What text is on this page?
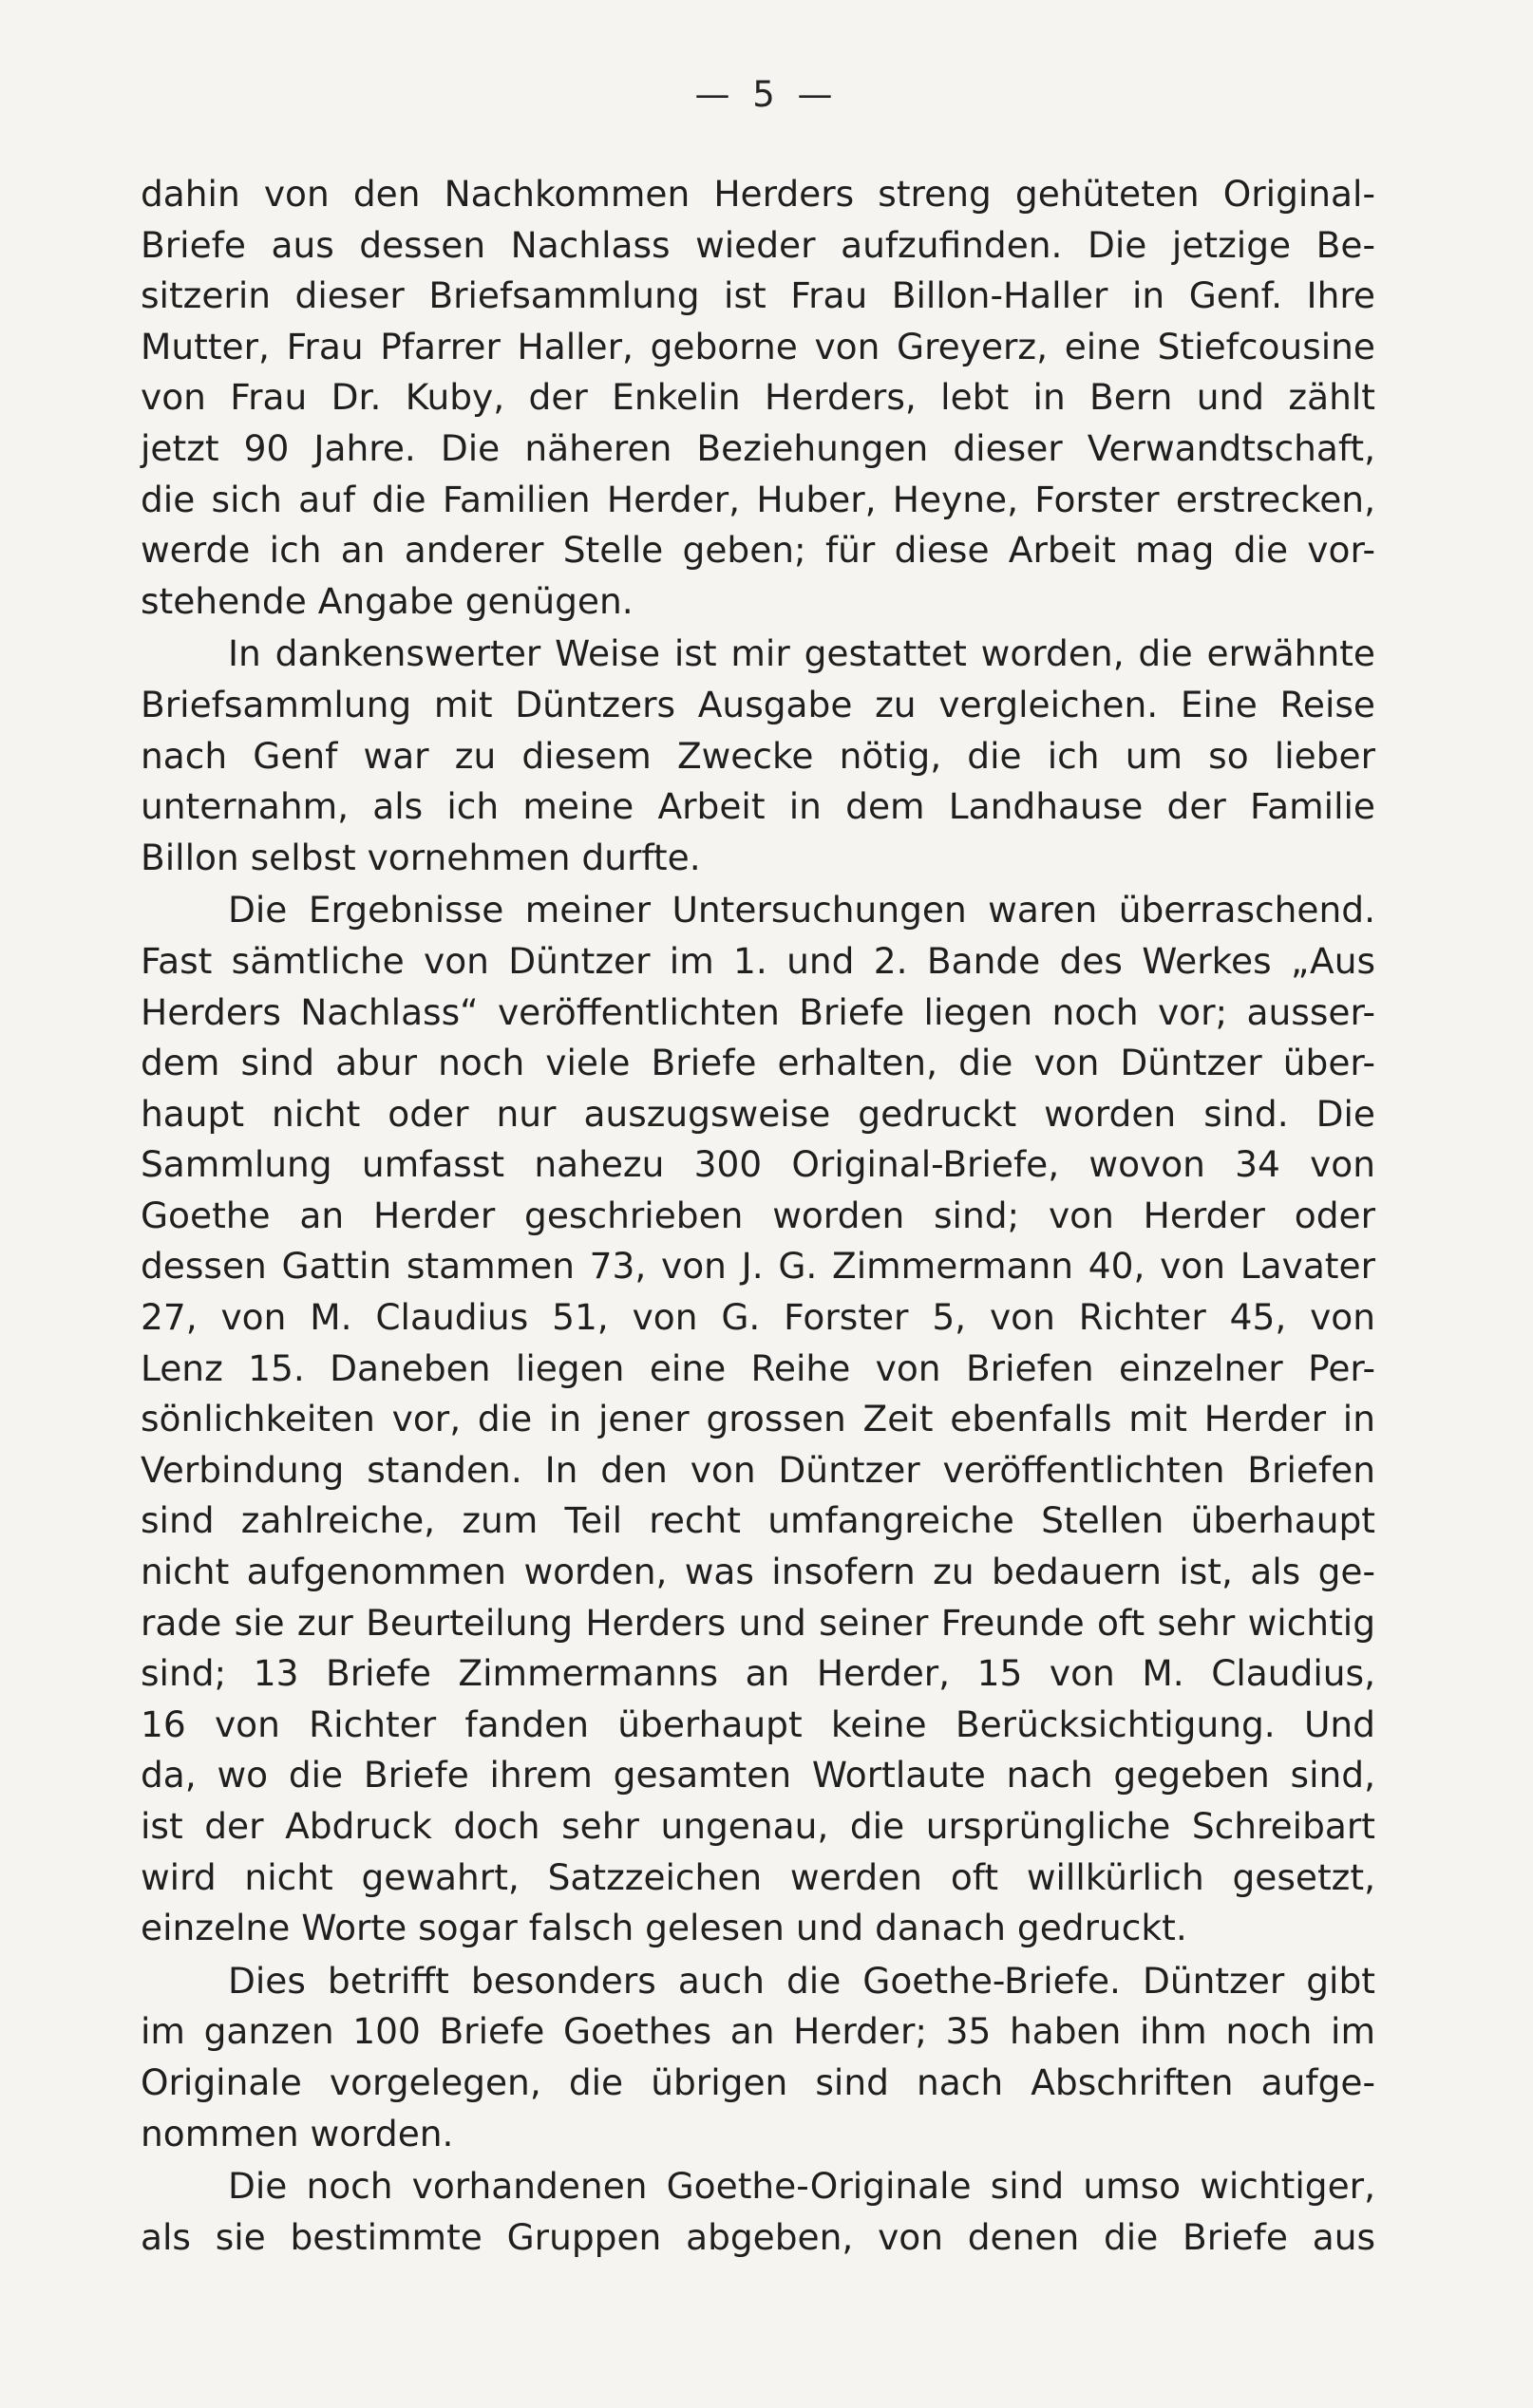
— 5 —
dahin von den Nachkommen Herders streng gehüteten Original-
Briefe aus dessen Nachlass wieder aufzufinden. Die jetzige Be-
sitzerin dieser Briefsammlung ist Frau Billon-Haller in Genf. Ihre
Mutter, Frau Pfarrer Haller, geborne von Greyerz, eine Stiefcousine
von Frau Dr. Kuby, der Enkelin Herders, lebt in Bern und zählt
jetzt 90 Jahre. Die näheren Beziehungen dieser Verwandtschaft,
die sich auf die Familien Herder, Huber, Heyne, Forster erstrecken,
werde ich an anderer Stelle geben; für diese Arbeit mag die vor-
stehende Angabe genügen.
In dankenswerter Weise ist mir gestattet worden, die erwähnte
Briefsammlung mit Düntzers Ausgabe zu vergleichen. Eine Reise
nach Genf war zu diesem Zwecke nötig, die ich um so lieber
unternahm, als ich meine Arbeit in dem Landhause der Familie
Billon selbst vornehmen durfte.
Die Ergebnisse meiner Untersuchungen waren überraschend.
Fast sämtliche von Düntzer im 1. und 2. Bande des Werkes „Aus
Herders Nachlass“ veröffentlichten Briefe liegen noch vor; ausser-
dem sind abur noch viele Briefe erhalten, die von Düntzer über-
haupt nicht oder nur auszugsweise gedruckt worden sind. Die
Sammlung umfasst nahezu 300 Original-Briefe, wovon 34 von
Goethe an Herder geschrieben worden sind; von Herder oder
dessen Gattin stammen 73, von J. G. Zimmermann 40, von Lavater
27, von M. Claudius 51, von G. Forster 5, von Richter 45, von
Lenz 15. Daneben liegen eine Reihe von Briefen einzelner Per-
sönlichkeiten vor, die in jener grossen Zeit ebenfalls mit Herder in
Verbindung standen. In den von Düntzer veröffentlichten Briefen
sind zahlreiche, zum Teil recht umfangreiche Stellen überhaupt
nicht aufgenommen worden, was insofern zu bedauern ist, als ge-
rade sie zur Beurteilung Herders und seiner Freunde oft sehr wichtig
sind; 13 Briefe Zimmermanns an Herder, 15 von M. Claudius,
16 von Richter fanden überhaupt keine Berücksichtigung. Und
da, wo die Briefe ihrem gesamten Wortlaute nach gegeben sind,
ist der Abdruck doch sehr ungenau, die ursprüngliche Schreibart
wird nicht gewahrt, Satzzeichen werden oft willkürlich gesetzt,
einzelne Worte sogar falsch gelesen und danach gedruckt.
Dies betrifft besonders auch die Goethe-Briefe. Düntzer gibt
im ganzen 100 Briefe Goethes an Herder; 35 haben ihm noch im
Originale vorgelegen, die übrigen sind nach Abschriften aufge-
nommen worden.
Die noch vorhandenen Goethe-Originale sind umso wichtiger,
als sie bestimmte Gruppen abgeben, von denen die Briefe aus
